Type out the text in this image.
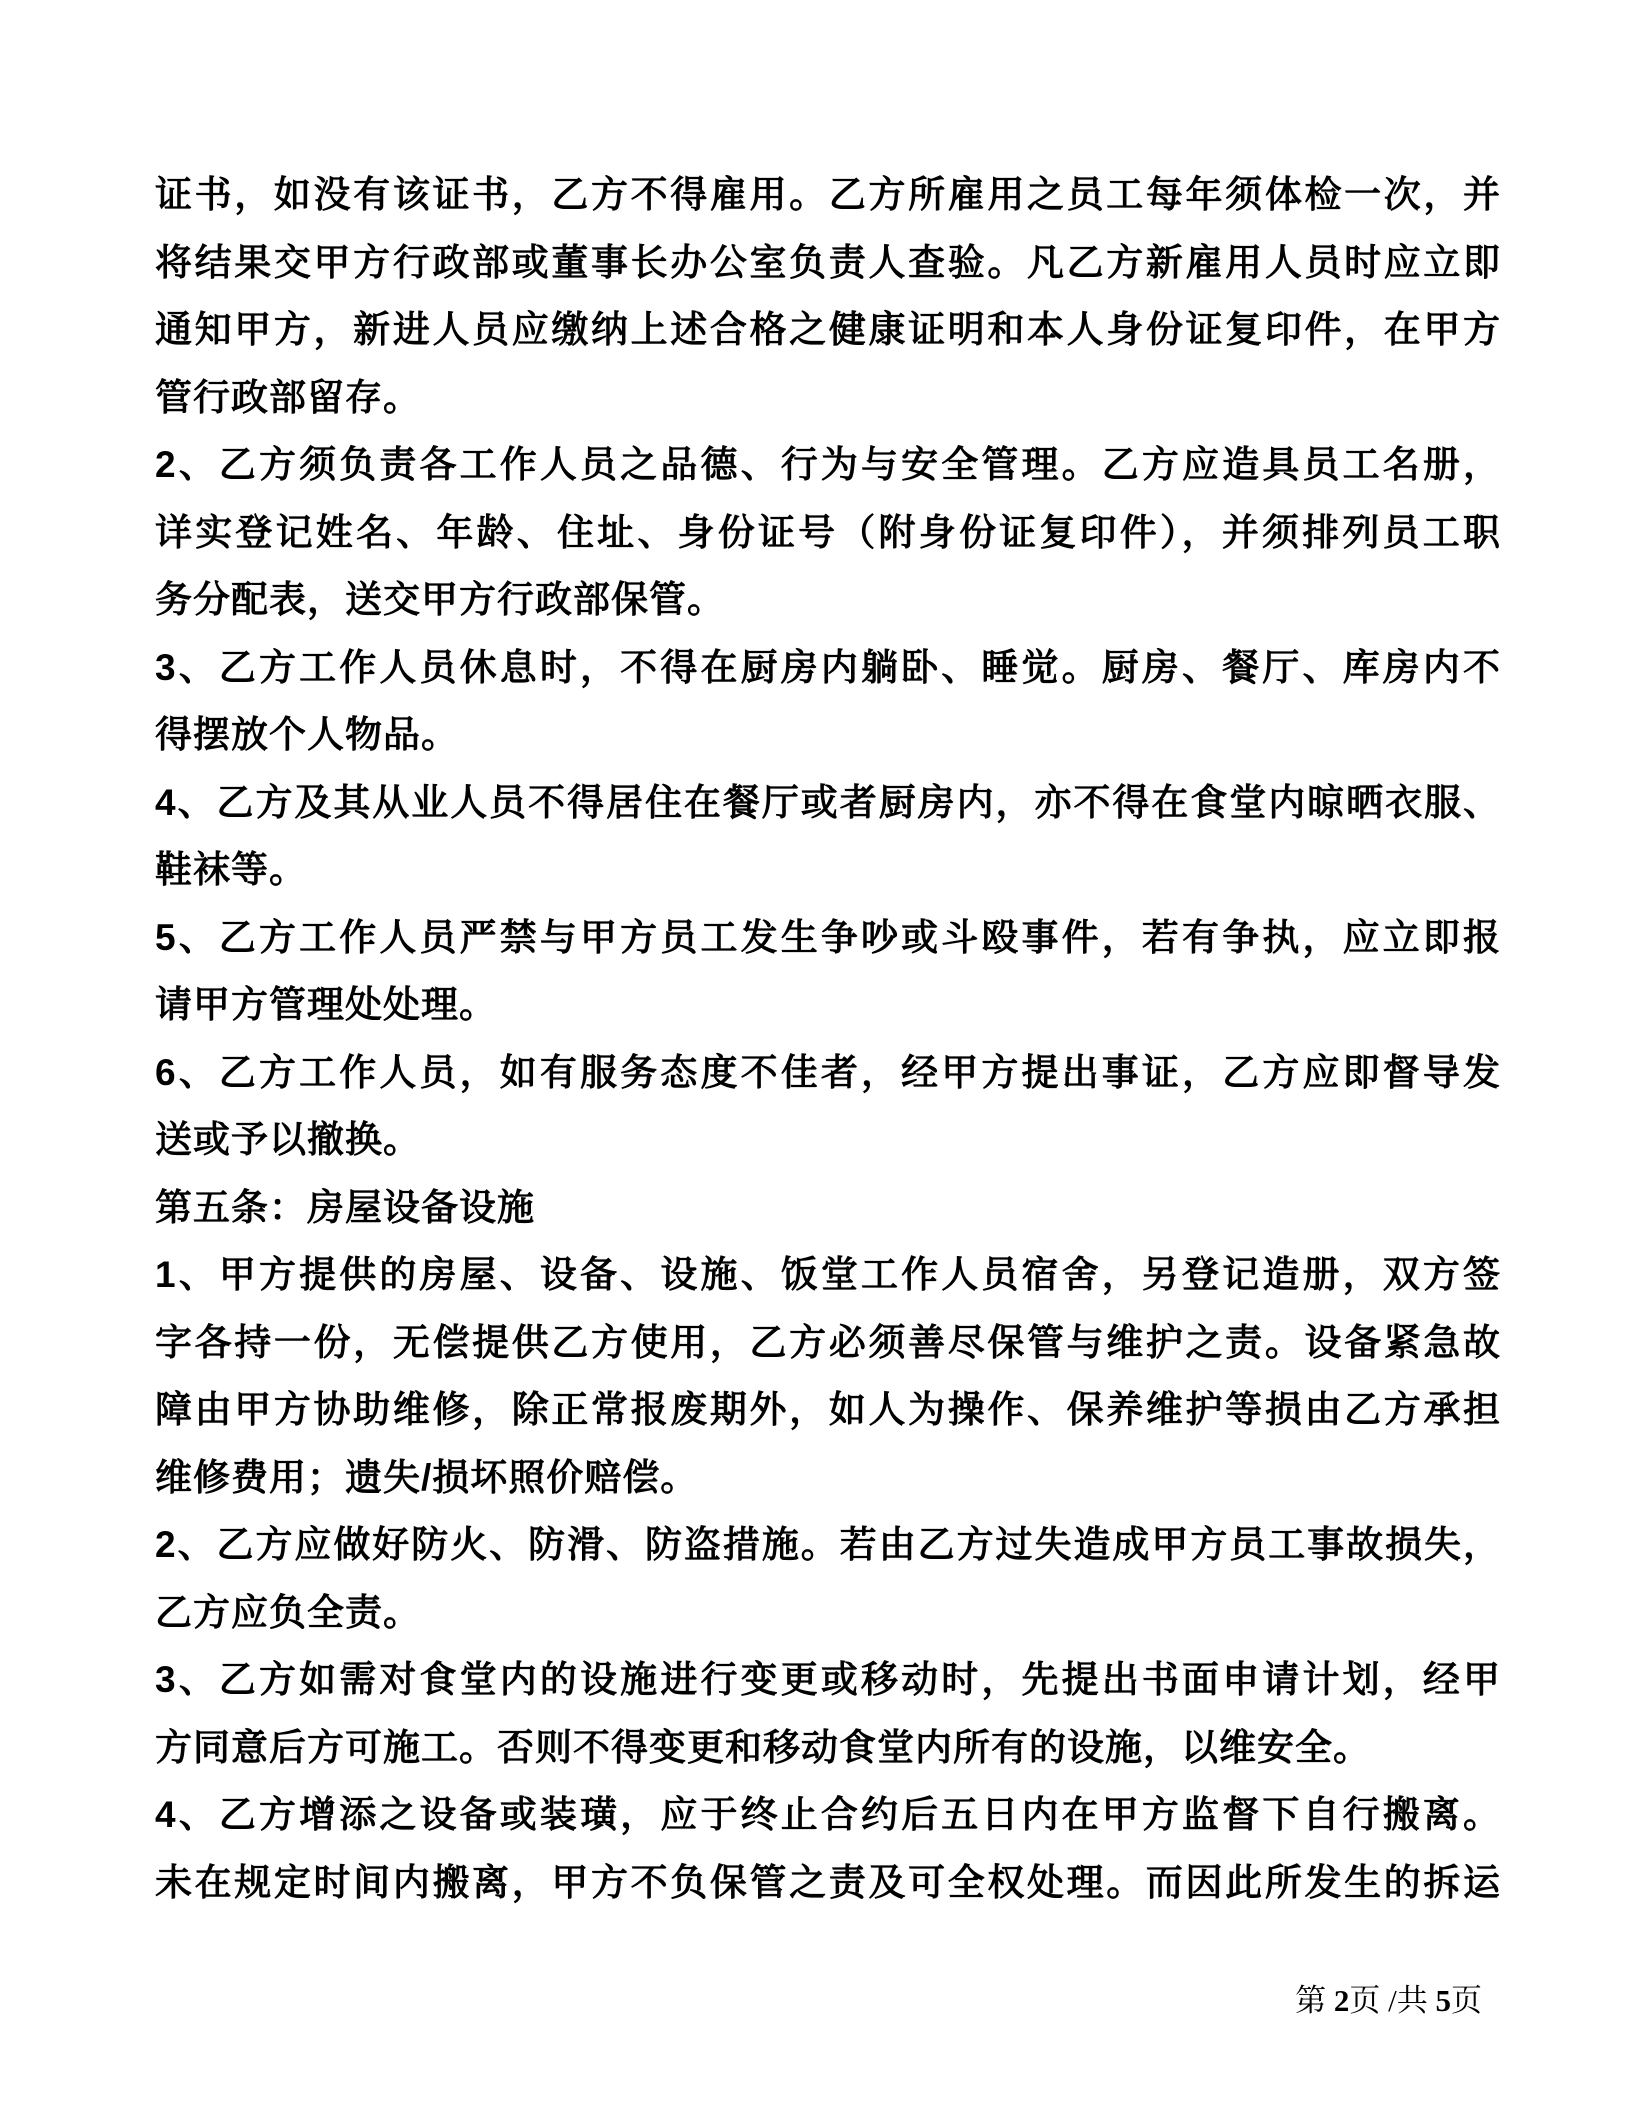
证书，如没有该证书，乙方不得雇用。乙方所雇用之员工每年须体检一次，并
将结果交甲方行政部或董事长办公室负责人查验。凡乙方新雇用人员时应立即
通知甲方，新进人员应缴纳上述合格之健康证明和本人身份证复印件，在甲方
管行政部留存。
2、乙方须负责各工作人员之品德、行为与安全管理。乙方应造具员工名册，
详实登记姓名、年龄、住址、身份证号（附身份证复印件），并须排列员工职
务分配表，送交甲方行政部保管。
3、乙方工作人员休息时，不得在厨房内躺卧、睡觉。厨房、餐厅、库房内不
得摆放个人物品。
4、乙方及其从业人员不得居住在餐厅或者厨房内，亦不得在食堂内晾晒衣服、
鞋袜等。
5、乙方工作人员严禁与甲方员工发生争吵或斗殴事件，若有争执，应立即报
请甲方管理处处理。
6、乙方工作人员，如有服务态度不佳者，经甲方提出事证，乙方应即督导发
送或予以撤换。
第五条：房屋设备设施
1、甲方提供的房屋、设备、设施、饭堂工作人员宿舍，另登记造册，双方签
字各持一份，无偿提供乙方使用，乙方必须善尽保管与维护之责。设备紧急故
障由甲方协助维修，除正常报废期外，如人为操作、保养维护等损由乙方承担
维修费用；遗失/损坏照价赔偿。
2、乙方应做好防火、防滑、防盗措施。若由乙方过失造成甲方员工事故损失，
乙方应负全责。
3、乙方如需对食堂内的设施进行变更或移动时，先提出书面申请计划，经甲
方同意后方可施工。否则不得变更和移动食堂内所有的设施，以维安全。
4、乙方增添之设备或装璜，应于终止合约后五日内在甲方监督下自行搬离。
未在规定时间内搬离，甲方不负保管之责及可全权处理。而因此所发生的拆运
第 2页 /共 5页
